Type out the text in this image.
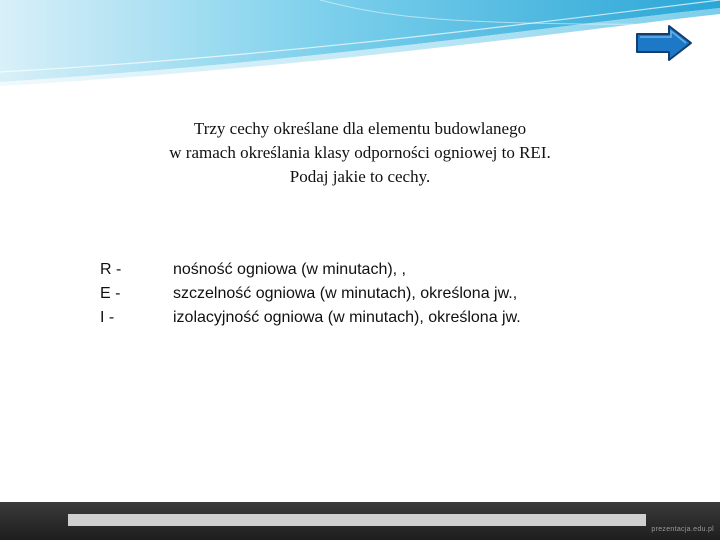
Trzy cechy określane dla elementu budowlanego
w ramach określania klasy odporności ogniowej to REI.
Podaj jakie to cechy.
R -	nośność ogniowa (w minutach), ,
E -	szczelność ogniowa (w minutach), określona jw.,
I -	izolacyjność ogniowa (w minutach), określona jw.
prezentacja.edu.pl
